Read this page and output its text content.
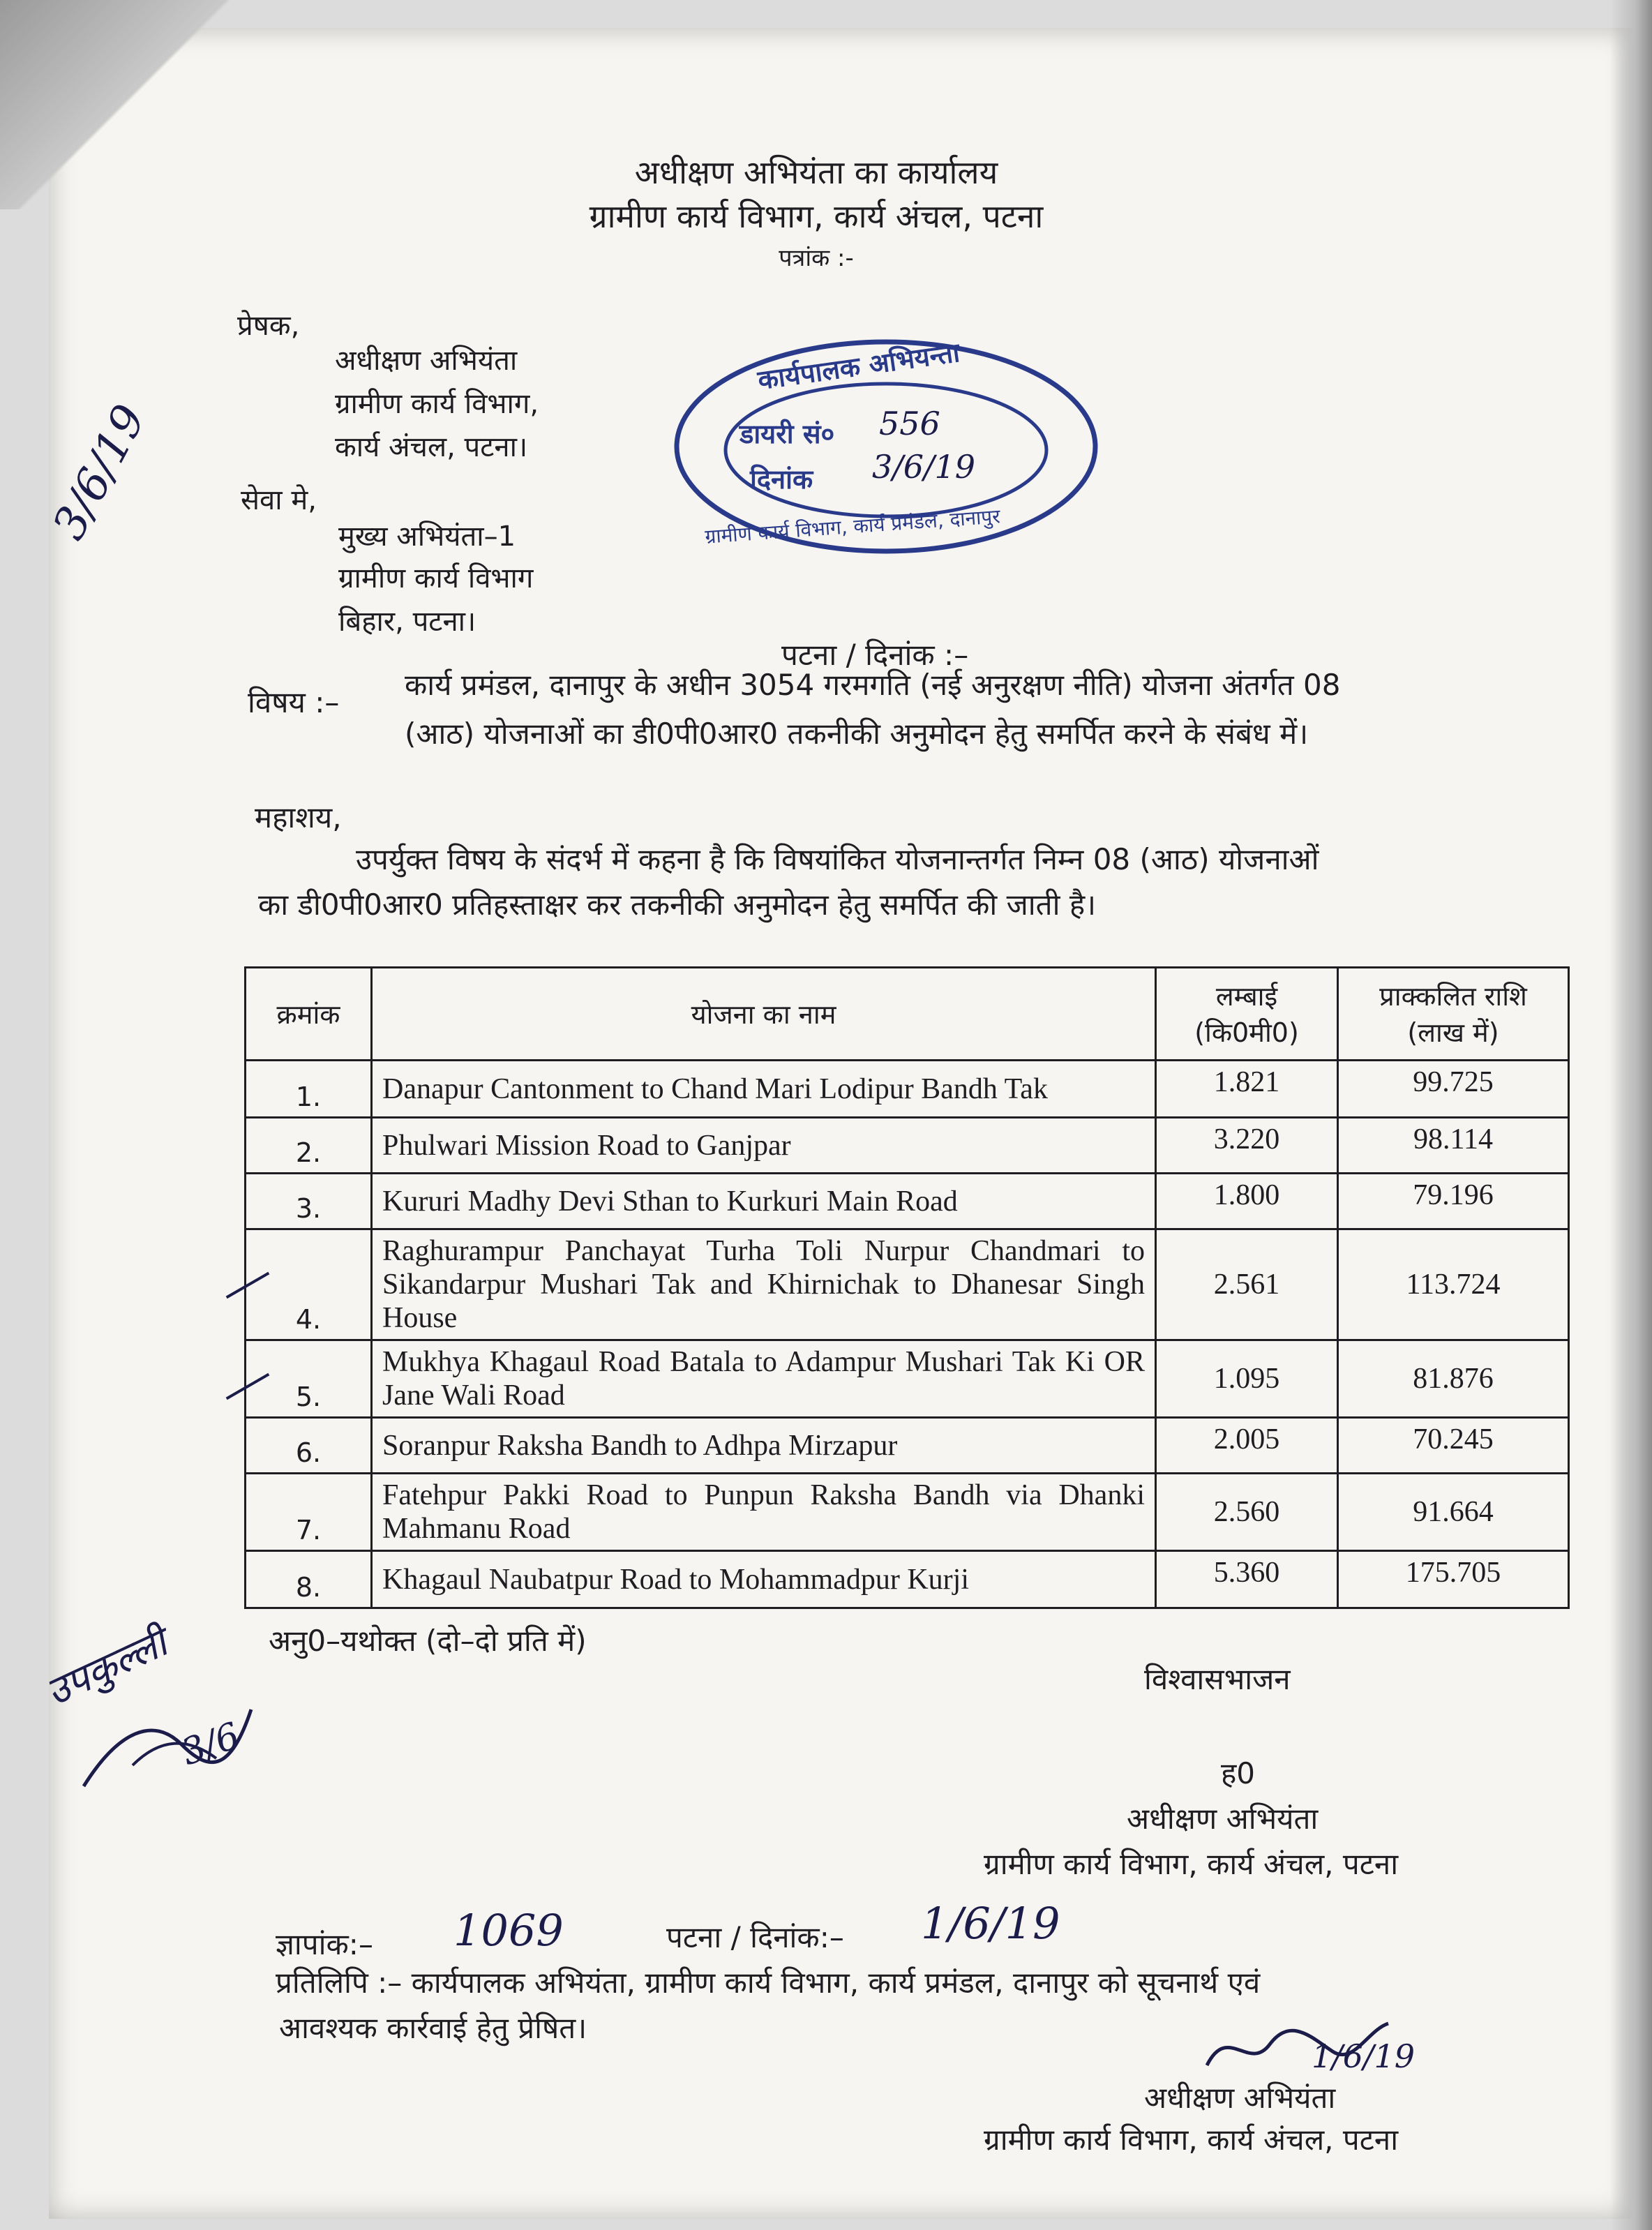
अधीक्षण अभियंता का कार्यालय
ग्रामीण कार्य विभाग, कार्य अंचल, पटना
पत्रांक :-
प्रेषक,
अधीक्षण अभियंता
ग्रामीण कार्य विभाग,
कार्य अंचल, पटना।
सेवा मे,
मुख्य अभियंता–1
ग्रामीण कार्य विभाग
बिहार, पटना।
कार्यपालक अभियन्ता
डायरी सं० 556
दिनांक 3/6/19
ग्रामीण कार्य विभाग, कार्य प्रमंडल, दानापुर
3/6/19
पटना / दिनांक :–
विषय :–
कार्य प्रमंडल, दानापुर के अधीन 3054 गरमगति (नई अनुरक्षण नीति) योजना अंतर्गत 08
(आठ) योजनाओं का डी0पी0आर0 तकनीकी अनुमोदन हेतु समर्पित करने के संबंध में।
महाशय,
उपर्युक्त विषय के संदर्भ में कहना है कि विषयांकित योजनान्तर्गत निम्न 08 (आठ) योजनाओं
का डी0पी0आर0 प्रतिहस्ताक्षर कर तकनीकी अनुमोदन हेतु समर्पित की जाती है।
क्रमांक	योजना का नाम	लम्बाई (कि0मी0)	प्राक्कलित राशि (लाख में)
1.	Danapur Cantonment to Chand Mari Lodipur Bandh Tak	1.821	99.725
2.	Phulwari Mission Road to Ganjpar	3.220	98.114
3.	Kururi Madhy Devi Sthan to Kurkuri Main Road	1.800	79.196
4.	Raghurampur Panchayat Turha Toli Nurpur Chandmari to Sikandarpur Mushari Tak and Khirnichak to Dhanesar Singh House	2.561	113.724
5.	Mukhya Khagaul Road Batala to Adampur Mushari Tak Ki OR Jane Wali Road	1.095	81.876
6.	Soranpur Raksha Bandh to Adhpa Mirzapur	2.005	70.245
7.	Fatehpur Pakki Road to Punpun Raksha Bandh via Dhanki Mahmanu Road	2.560	91.664
8.	Khagaul Naubatpur Road to Mohammadpur Kurji	5.360	175.705
अनु0–यथोक्त (दो–दो प्रति में)
उपकुल्ली
3/6
विश्वासभाजन
ह0
अधीक्षण अभियंता
ग्रामीण कार्य विभाग, कार्य अंचल, पटना
ज्ञापांक:– 1069	पटना / दिनांक:– 1/6/19
प्रतिलिपि :– कार्यपालक अभियंता, ग्रामीण कार्य विभाग, कार्य प्रमंडल, दानापुर को सूचनार्थ एवं
आवश्यक कार्रवाई हेतु प्रेषित।
1/6/19
अधीक्षण अभियंता
ग्रामीण कार्य विभाग, कार्य अंचल, पटना
